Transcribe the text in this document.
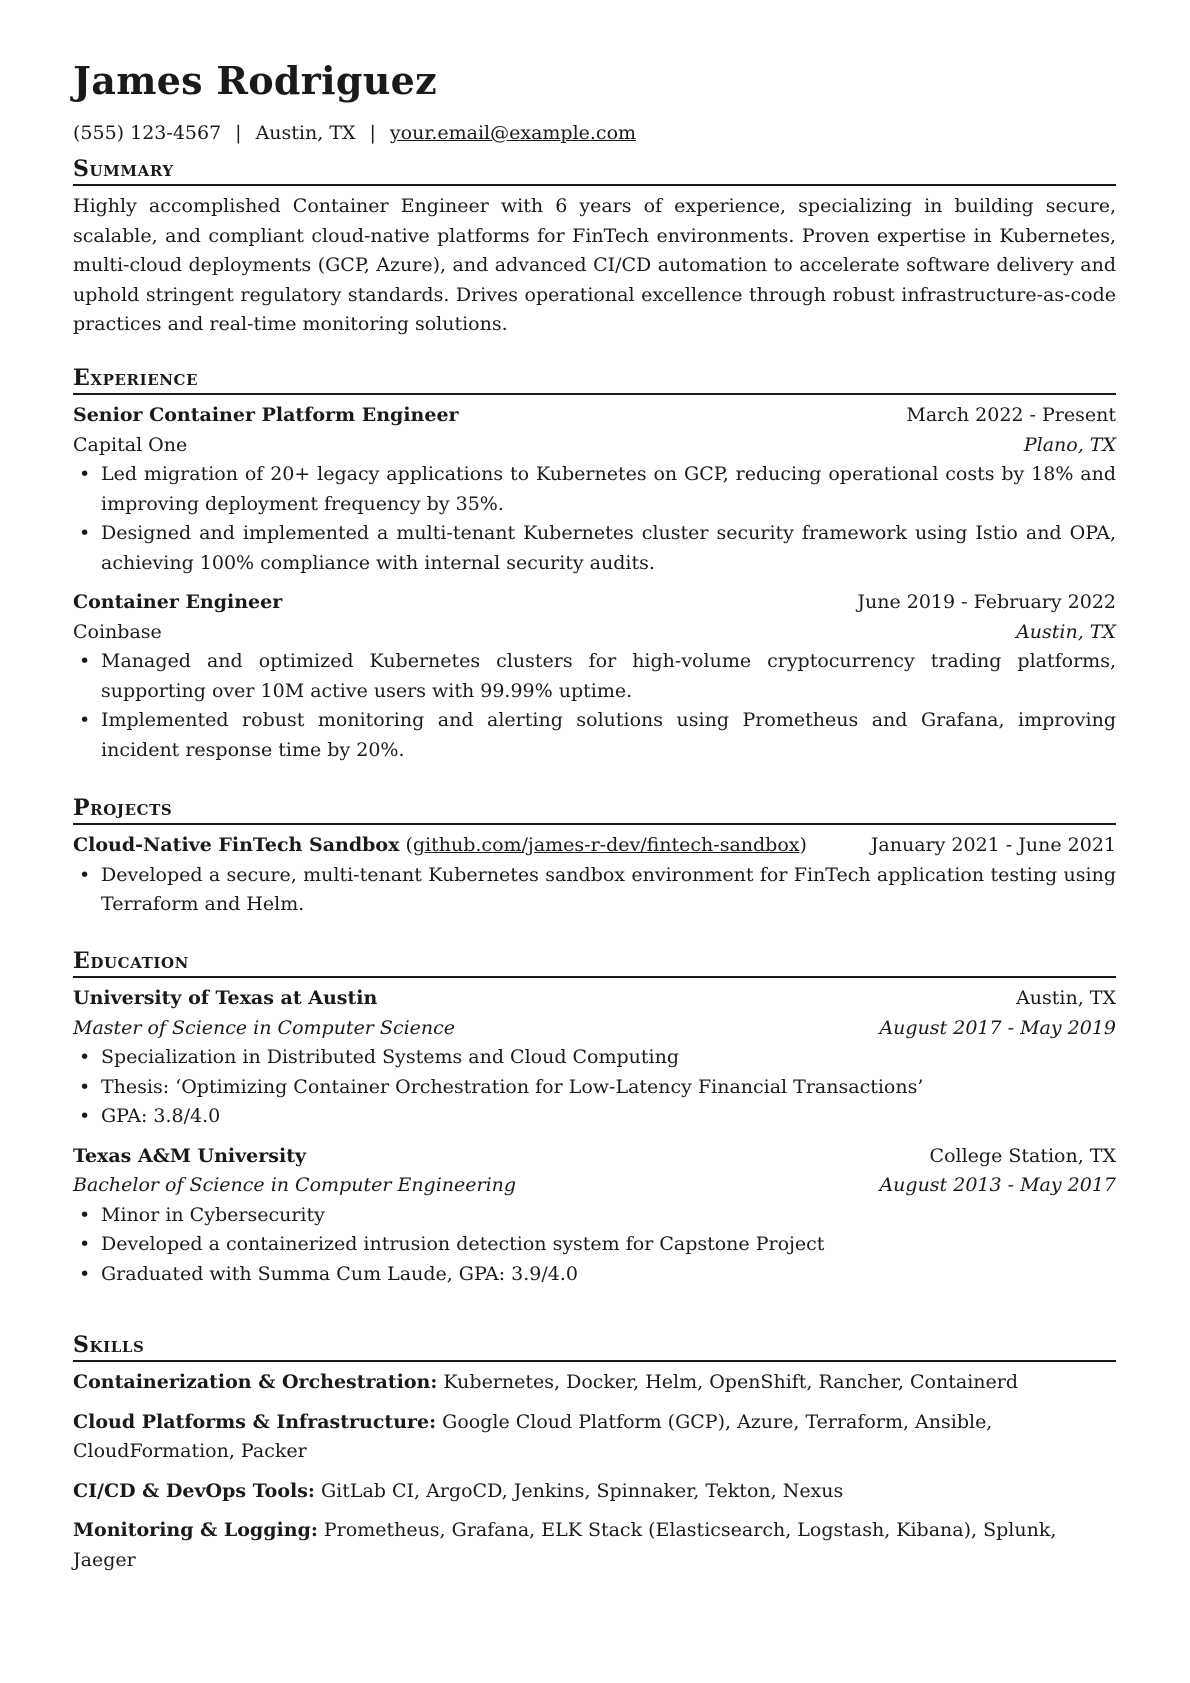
James Rodriguez
(555) 123-4567 | Austin, TX | your.email@example.com
Summary
Highly accomplished Container Engineer with 6 years of experience, specializing in building secure, scalable, and compliant cloud-native platforms for FinTech environments. Proven expertise in Kubernetes, multi-cloud deployments (GCP, Azure), and advanced CI/CD automation to accelerate software delivery and uphold stringent regulatory standards. Drives operational excellence through robust infrastructure-as-code practices and real-time monitoring solutions.
Experience
Senior Container Platform Engineer	March 2022 - Present
Capital One	Plano, TX
• Led migration of 20+ legacy applications to Kubernetes on GCP, reducing operational costs by 18% and improving deployment frequency by 35%.
• Designed and implemented a multi-tenant Kubernetes cluster security framework using Istio and OPA, achieving 100% compliance with internal security audits.
Container Engineer	June 2019 - February 2022
Coinbase	Austin, TX
• Managed and optimized Kubernetes clusters for high-volume cryptocurrency trading platforms, supporting over 10M active users with 99.99% uptime.
• Implemented robust monitoring and alerting solutions using Prometheus and Grafana, improving incident response time by 20%.
Projects
Cloud-Native FinTech Sandbox (github.com/james-r-dev/fintech-sandbox)	January 2021 - June 2021
• Developed a secure, multi-tenant Kubernetes sandbox environment for FinTech application testing using Terraform and Helm.
Education
University of Texas at Austin	Austin, TX
Master of Science in Computer Science	August 2017 - May 2019
• Specialization in Distributed Systems and Cloud Computing
• Thesis: ‘Optimizing Container Orchestration for Low-Latency Financial Transactions’
• GPA: 3.8/4.0
Texas A&M University	College Station, TX
Bachelor of Science in Computer Engineering	August 2013 - May 2017
• Minor in Cybersecurity
• Developed a containerized intrusion detection system for Capstone Project
• Graduated with Summa Cum Laude, GPA: 3.9/4.0
Skills
Containerization & Orchestration: Kubernetes, Docker, Helm, OpenShift, Rancher, Containerd
Cloud Platforms & Infrastructure: Google Cloud Platform (GCP), Azure, Terraform, Ansible, CloudFormation, Packer
CI/CD & DevOps Tools: GitLab CI, ArgoCD, Jenkins, Spinnaker, Tekton, Nexus
Monitoring & Logging: Prometheus, Grafana, ELK Stack (Elasticsearch, Logstash, Kibana), Splunk, Jaeger
